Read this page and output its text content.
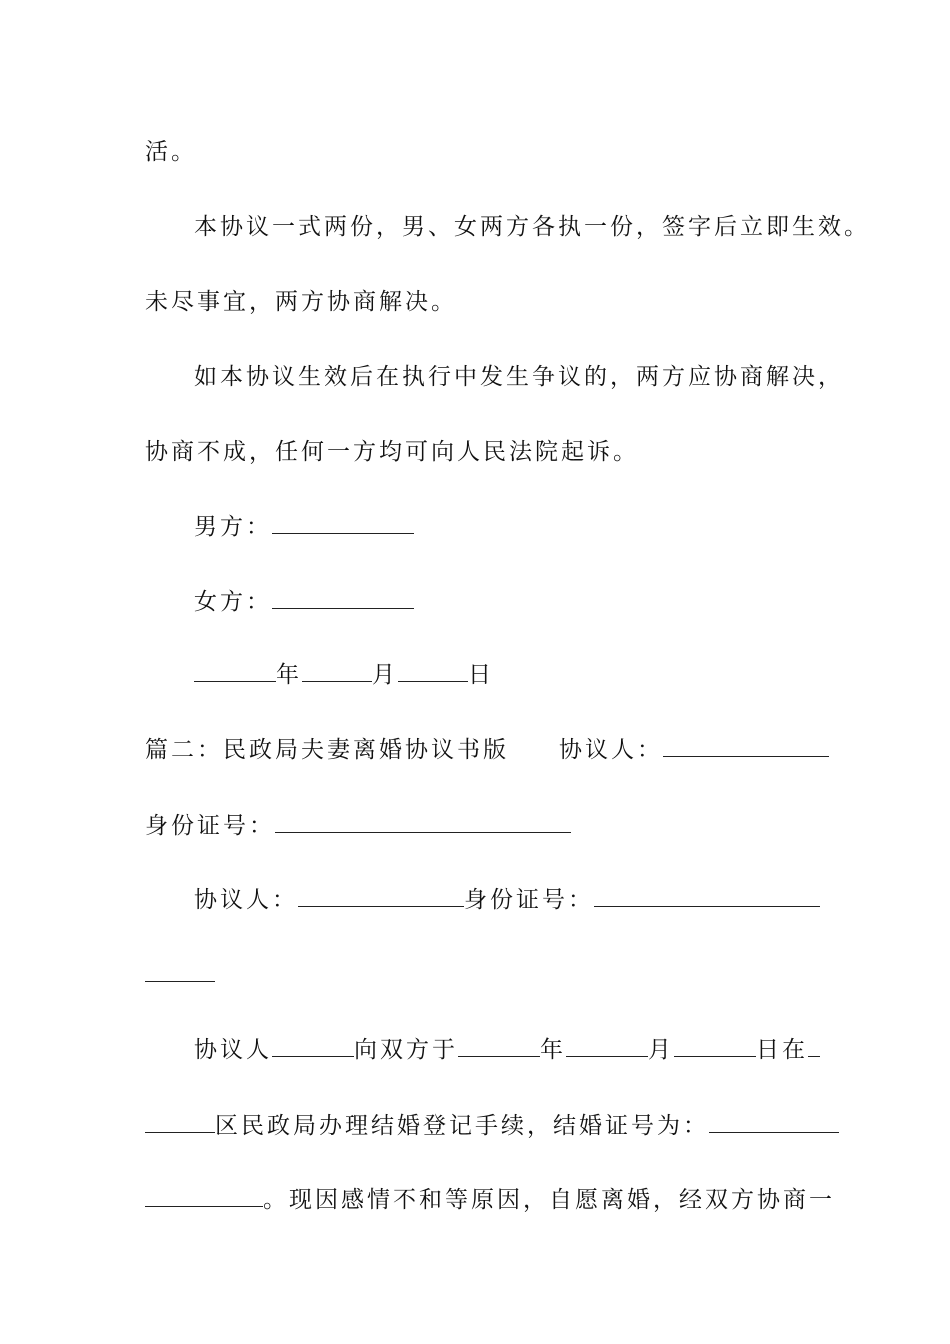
活。
本协议一式两份，男、女两方各执一份，签字后立即生效。
未尽事宜，两方协商解决。
如本协议生效后在执行中发生争议的，两方应协商解决，
协商不成，任何一方均可向人民法院起诉。
男方：
女方：
年	月	日
篇二：民政局夫妻离婚协议书版 协议人：
身份证号：
协议人：	身份证号：
协议人	向双方于	年	月	日在
区民政局办理结婚登记手续，结婚证号为：
。现因感情不和等原因，自愿离婚，经双方协商一
